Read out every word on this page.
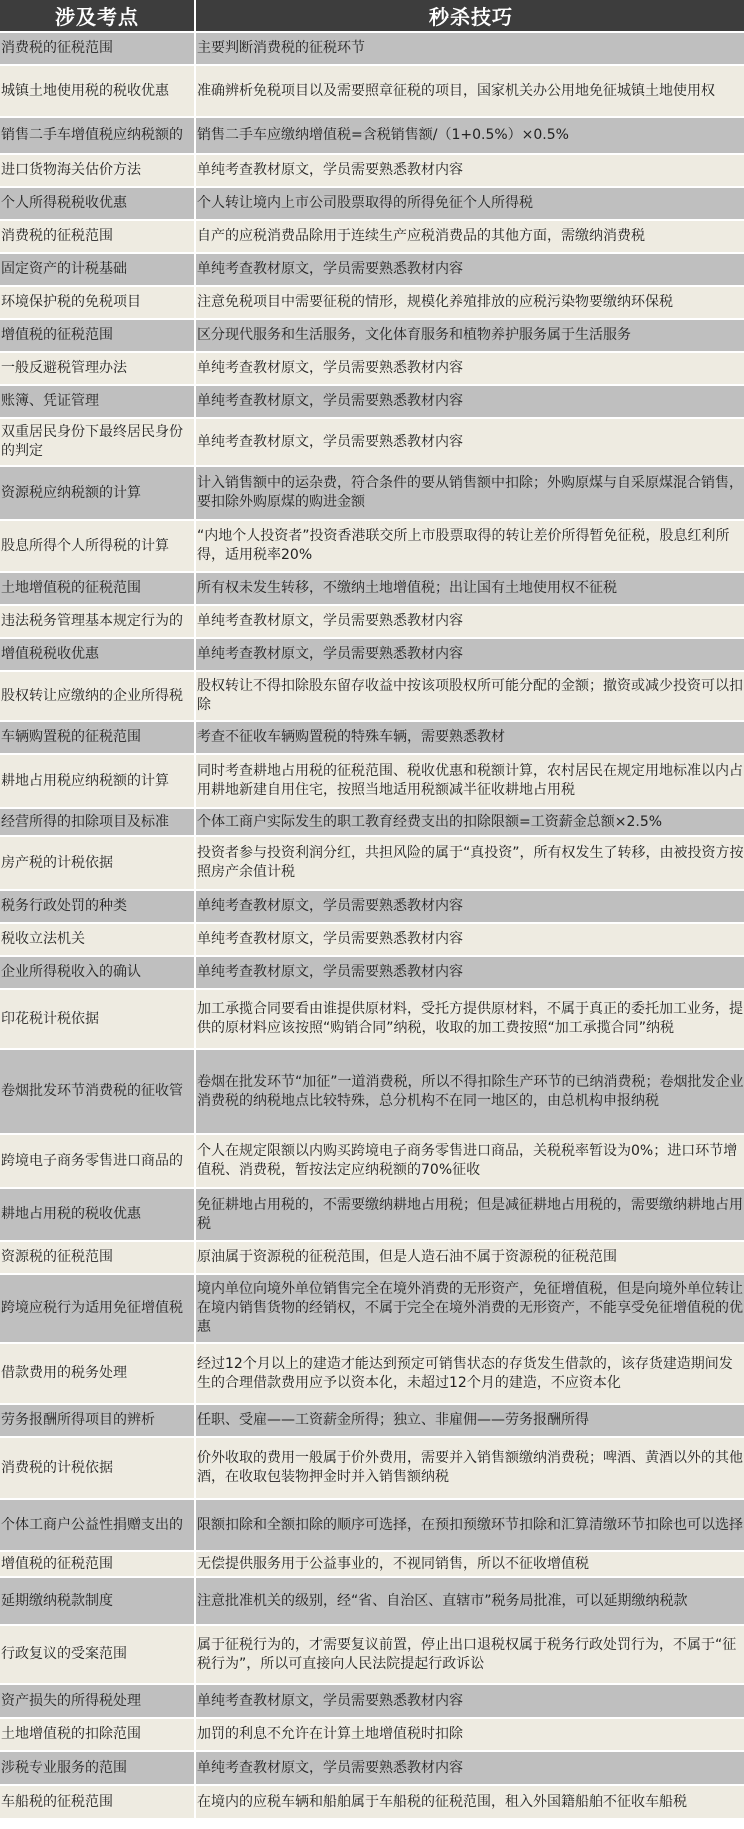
涉及考点	秒杀技巧
消费税的征税范围	主要判断消费税的征税环节
城镇土地使用税的税收优惠	准确辨析免税项目以及需要照章征税的项目，国家机关办公用地免征城镇土地使用权
销售二手车增值税应纳税额的	销售二手车应缴纳增值税=含税销售额/（1+0.5%）×0.5%
进口货物海关估价方法	单纯考查教材原文，学员需要熟悉教材内容
个人所得税税收优惠	个人转让境内上市公司股票取得的所得免征个人所得税
消费税的征税范围	自产的应税消费品除用于连续生产应税消费品的其他方面，需缴纳消费税
固定资产的计税基础	单纯考查教材原文，学员需要熟悉教材内容
环境保护税的免税项目	注意免税项目中需要征税的情形，规模化养殖排放的应税污染物要缴纳环保税
增值税的征税范围	区分现代服务和生活服务，文化体育服务和植物养护服务属于生活服务
一般反避税管理办法	单纯考查教材原文，学员需要熟悉教材内容
账簿、凭证管理	单纯考查教材原文，学员需要熟悉教材内容
双重居民身份下最终居民身份的判定	单纯考查教材原文，学员需要熟悉教材内容
资源税应纳税额的计算	计入销售额中的运杂费，符合条件的要从销售额中扣除；外购原煤与自采原煤混合销售，要扣除外购原煤的购进金额
股息所得个人所得税的计算	“内地个人投资者”投资香港联交所上市股票取得的转让差价所得暂免征税，股息红利所得，适用税率20%
土地增值税的征税范围	所有权未发生转移，不缴纳土地增值税；出让国有土地使用权不征税
违法税务管理基本规定行为的	单纯考查教材原文，学员需要熟悉教材内容
增值税税收优惠	单纯考查教材原文，学员需要熟悉教材内容
股权转让应缴纳的企业所得税	股权转让不得扣除股东留存收益中按该项股权所可能分配的金额；撤资或减少投资可以扣除
车辆购置税的征税范围	考查不征收车辆购置税的特殊车辆，需要熟悉教材
耕地占用税应纳税额的计算	同时考查耕地占用税的征税范围、税收优惠和税额计算，农村居民在规定用地标准以内占用耕地新建自用住宅，按照当地适用税额减半征收耕地占用税
经营所得的扣除项目及标准	个体工商户实际发生的职工教育经费支出的扣除限额=工资薪金总额×2.5%
房产税的计税依据	投资者参与投资利润分红，共担风险的属于“真投资”，所有权发生了转移，由被投资方按照房产余值计税
税务行政处罚的种类	单纯考查教材原文，学员需要熟悉教材内容
税收立法机关	单纯考查教材原文，学员需要熟悉教材内容
企业所得税收入的确认	单纯考查教材原文，学员需要熟悉教材内容
印花税计税依据	加工承揽合同要看由谁提供原材料，受托方提供原材料，不属于真正的委托加工业务，提供的原材料应该按照“购销合同”纳税，收取的加工费按照“加工承揽合同”纳税
卷烟批发环节消费税的征收管	卷烟在批发环节“加征”一道消费税，所以不得扣除生产环节的已纳消费税；卷烟批发企业消费税的纳税地点比较特殊，总分机构不在同一地区的，由总机构申报纳税
跨境电子商务零售进口商品的	个人在规定限额以内购买跨境电子商务零售进口商品，关税税率暂设为0%；进口环节增值税、消费税，暂按法定应纳税额的70%征收
耕地占用税的税收优惠	免征耕地占用税的，不需要缴纳耕地占用税；但是减征耕地占用税的，需要缴纳耕地占用税
资源税的征税范围	原油属于资源税的征税范围，但是人造石油不属于资源税的征税范围
跨境应税行为适用免征增值税	境内单位向境外单位销售完全在境外消费的无形资产，免征增值税，但是向境外单位转让在境内销售货物的经销权，不属于完全在境外消费的无形资产，不能享受免征增值税的优惠
借款费用的税务处理	经过12个月以上的建造才能达到预定可销售状态的存货发生借款的，该存货建造期间发生的合理借款费用应予以资本化，未超过12个月的建造，不应资本化
劳务报酬所得项目的辨析	任职、受雇——工资薪金所得；独立、非雇佣——劳务报酬所得
消费税的计税依据	价外收取的费用一般属于价外费用，需要并入销售额缴纳消费税；啤酒、黄酒以外的其他酒，在收取包装物押金时并入销售额纳税
个体工商户公益性捐赠支出的	限额扣除和全额扣除的顺序可选择，在预扣预缴环节扣除和汇算清缴环节扣除也可以选择
增值税的征税范围	无偿提供服务用于公益事业的，不视同销售，所以不征收增值税
延期缴纳税款制度	注意批准机关的级别，经“省、自治区、直辖市”税务局批准，可以延期缴纳税款
行政复议的受案范围	属于征税行为的，才需要复议前置，停止出口退税权属于税务行政处罚行为，不属于“征税行为”，所以可直接向人民法院提起行政诉讼
资产损失的所得税处理	单纯考查教材原文，学员需要熟悉教材内容
土地增值税的扣除范围	加罚的利息不允许在计算土地增值税时扣除
涉税专业服务的范围	单纯考查教材原文，学员需要熟悉教材内容
车船税的征税范围	在境内的应税车辆和船舶属于车船税的征税范围，租入外国籍船舶不征收车船税
